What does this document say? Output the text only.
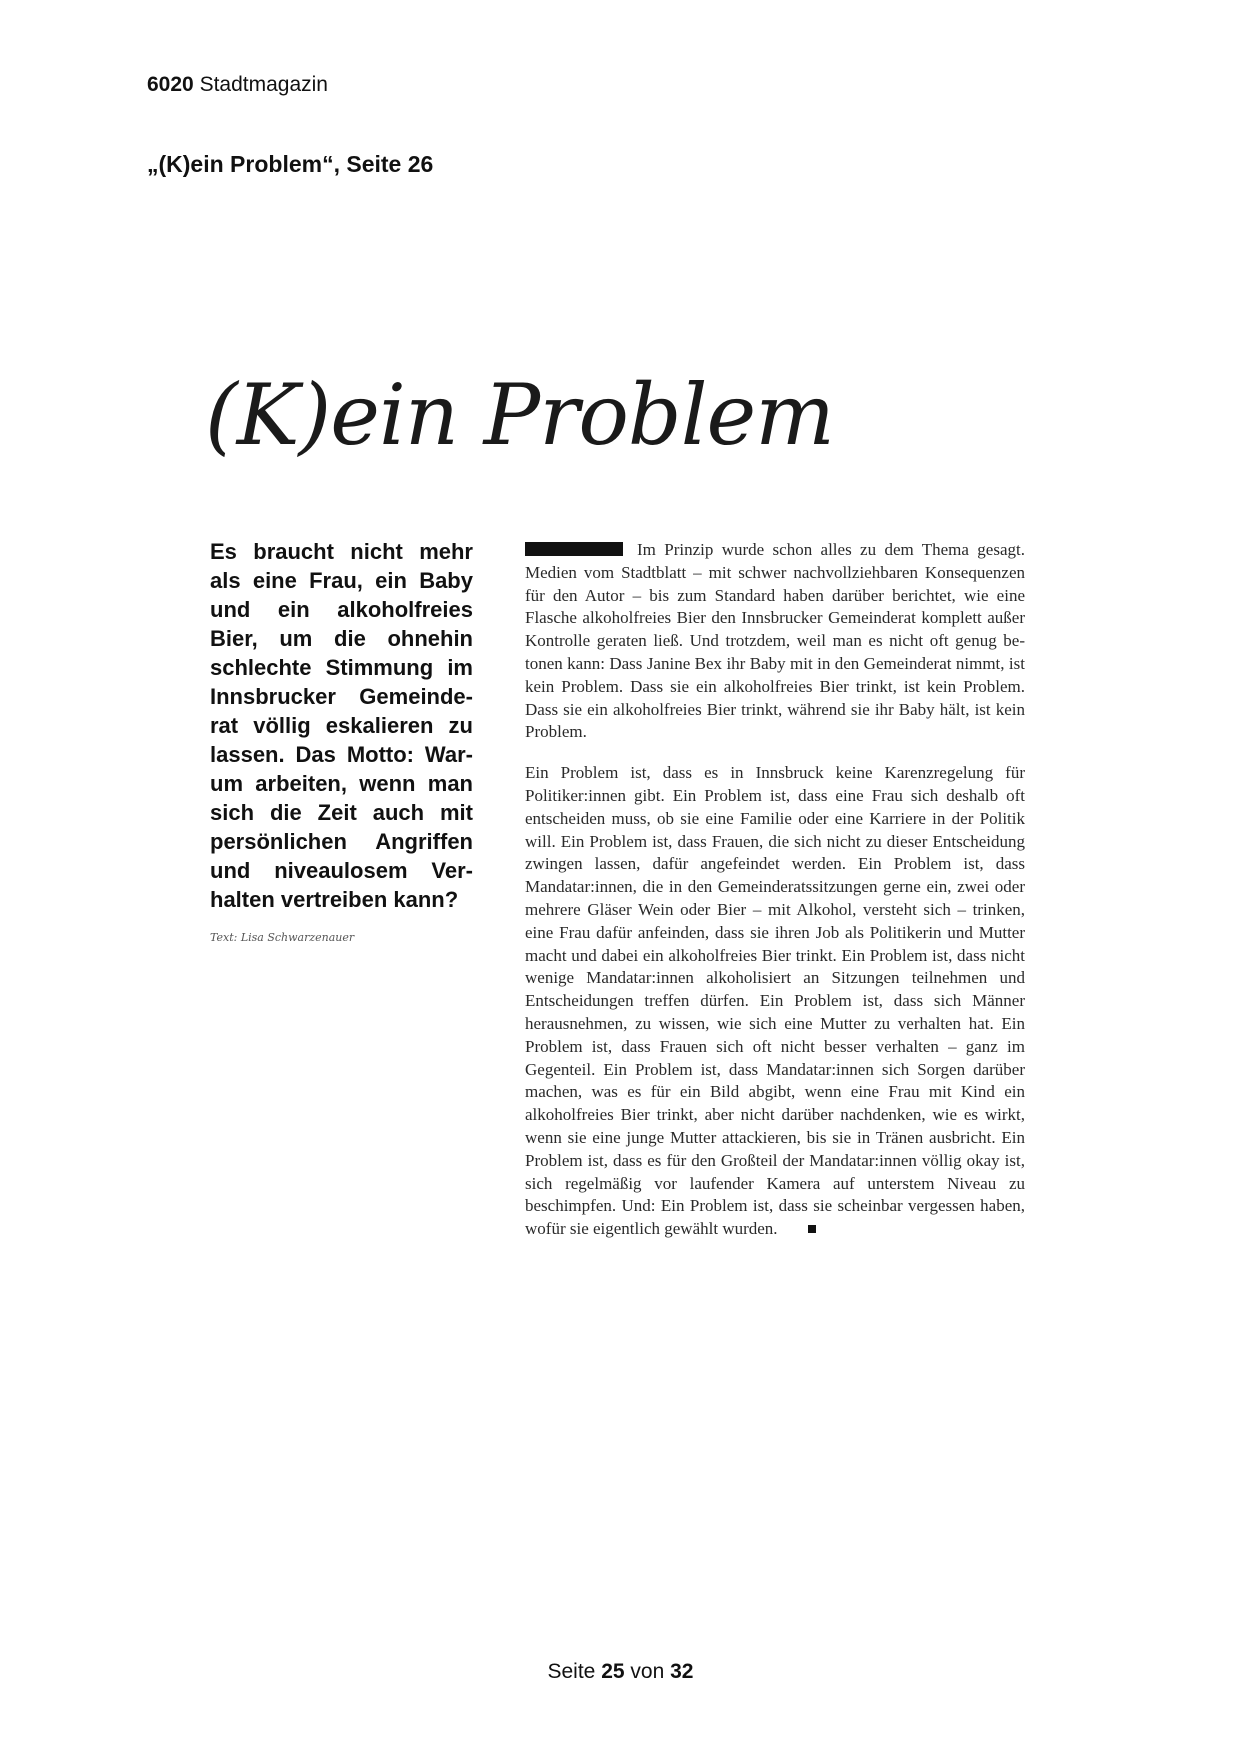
6020 Stadtmagazin
„(K)ein Problem“, Seite 26
(K)ein Problem
Es braucht nicht mehr als eine Frau, ein Baby und ein alkoholfreies Bier, um die ohnehin schlechte Stimmung im Innsbrucker Gemeinderat völlig eskalieren zu lassen. Das Motto: Warum arbeiten, wenn man sich die Zeit auch mit persönlichen Angriffen und niveaulosem Verhalten vertreiben kann?
Text: Lisa Schwarzenauer

Im Prinzip wurde schon alles zu dem Thema gesagt. Medien vom Stadtblatt – mit schwer nachvollziehbaren Konsequenzen für den Autor – bis zum Standard haben darüber berichtet, wie eine Flasche alkoholfreies Bier den Innsbrucker Gemeinderat komplett außer Kontrolle geraten ließ. Und trotzdem, weil man es nicht oft genug betonen kann: Dass Janine Bex ihr Baby mit in den Gemeinderat nimmt, ist kein Problem. Dass sie ein alkoholfreies Bier trinkt, ist kein Problem. Dass sie ein alkoholfreies Bier trinkt, während sie ihr Baby hält, ist kein Problem.

Ein Problem ist, dass es in Innsbruck keine Karenzregelung für Politiker:innen gibt. Ein Problem ist, dass eine Frau sich deshalb oft entscheiden muss, ob sie eine Familie oder eine Karriere in der Politik will. Ein Problem ist, dass Frauen, die sich nicht zu dieser Entscheidung zwingen lassen, dafür angefeindet werden. Ein Problem ist, dass Mandatar:innen, die in den Gemeinderatssitzungen gerne ein, zwei oder mehrere Gläser Wein oder Bier – mit Alkohol, versteht sich – trinken, eine Frau dafür anfeinden, dass sie ihren Job als Politikerin und Mutter macht und dabei ein alkoholfreies Bier trinkt. Ein Problem ist, dass nicht wenige Mandatar:innen alkoholisiert an Sitzungen teilnehmen und Entscheidungen treffen dürfen. Ein Problem ist, dass sich Männer herausnehmen, zu wissen, wie sich eine Mutter zu verhalten hat. Ein Problem ist, dass Frauen sich oft nicht besser verhalten – ganz im Gegenteil. Ein Problem ist, dass Mandatar:innen sich Sorgen darüber machen, was es für ein Bild abgibt, wenn eine Frau mit Kind ein alkoholfreies Bier trinkt, aber nicht darüber nachdenken, wie es wirkt, wenn sie eine junge Mutter attackieren, bis sie in Tränen ausbricht. Ein Problem ist, dass es für den Großteil der Mandatar:innen völlig okay ist, sich regelmäßig vor laufender Kamera auf unterstem Niveau zu beschimpfen. Und: Ein Problem ist, dass sie scheinbar vergessen haben, wofür sie eigentlich gewählt wurden.

Seite 25 von 32
